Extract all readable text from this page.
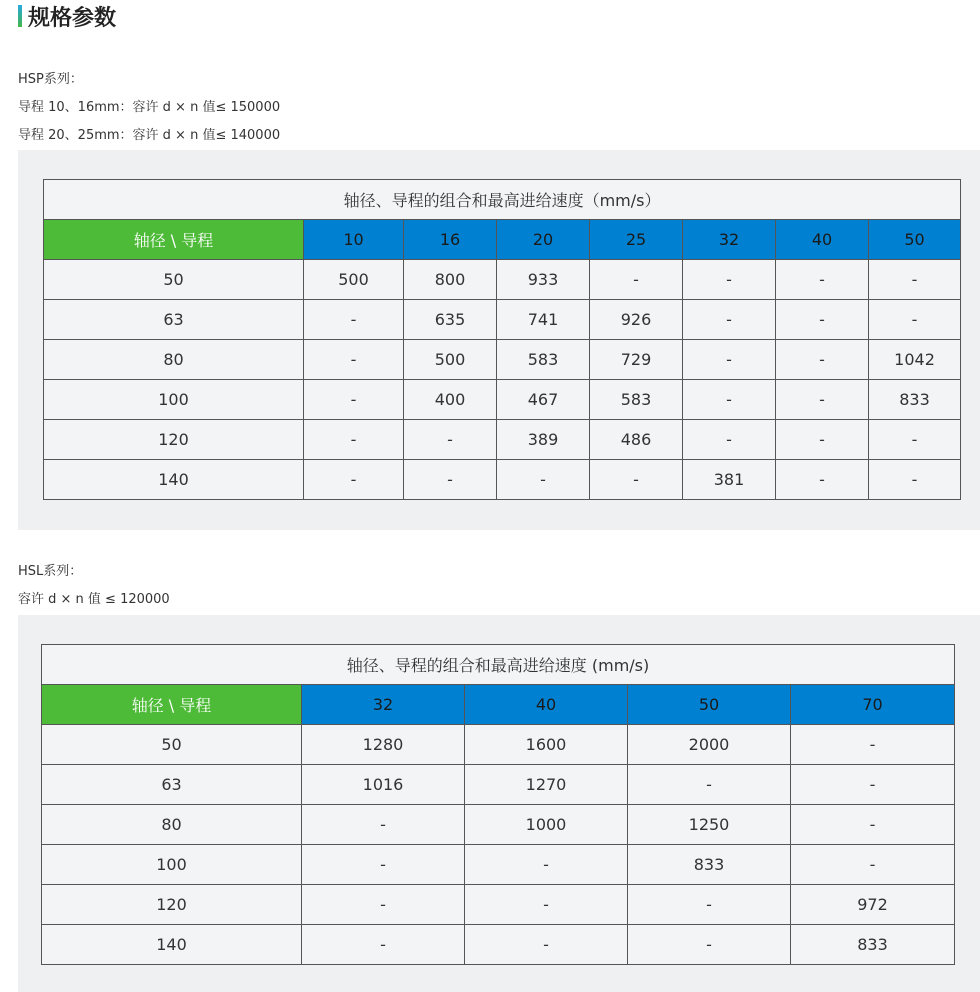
规格参数
HSP系列：
导程 10、16mm：容许 d × n 值≤ 150000
导程 20、25mm：容许 d × n 值≤ 140000
轴径、导程的组合和最高进给速度（mm/s）							
轴径 \ 导程	10	16	20	25	32	40	50
50	500	800	933	-	-	-	-
63	-	635	741	926	-	-	-
80	-	500	583	729	-	-	1042
100	-	400	467	583	-	-	833
120	-	-	389	486	-	-	-
140	-	-	-	-	381	-	-
HSL系列：
容许 d × n 值 ≤ 120000
轴径、导程的组合和最高进给速度 (mm/s)				
轴径 \ 导程	32	40	50	70
50	1280	1600	2000	-
63	1016	1270	-	-
80	-	1000	1250	-
100	-	-	833	-
120	-	-	-	972
140	-	-	-	833
